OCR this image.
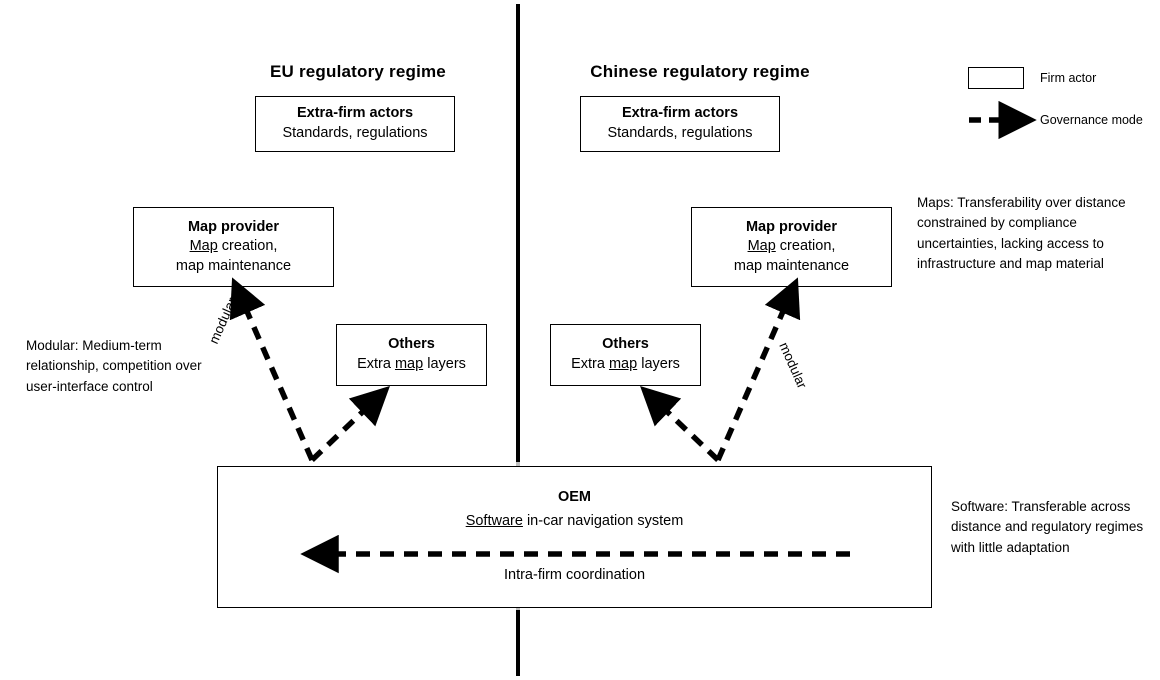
EU regulatory regime
Extra-firm actors
Standards, regulations
Map provider
Map creation,
map maintenance
Others
Extra map layers
modular
Chinese regulatory regime
Extra-firm actors
Standards, regulations
Map provider
Map creation,
map maintenance
Others
Extra map layers	modular
OEM
Software in-car navigation system
Intra-firm coordination
Modular: Medium-term relationship, competition over user-interface control
Maps: Transferability over distance constrained by compliance uncertainties, lacking access to infrastructure and map material
Software: Transferable across distance and regulatory regimes with little adaptation
Firm actor
Governance mode
